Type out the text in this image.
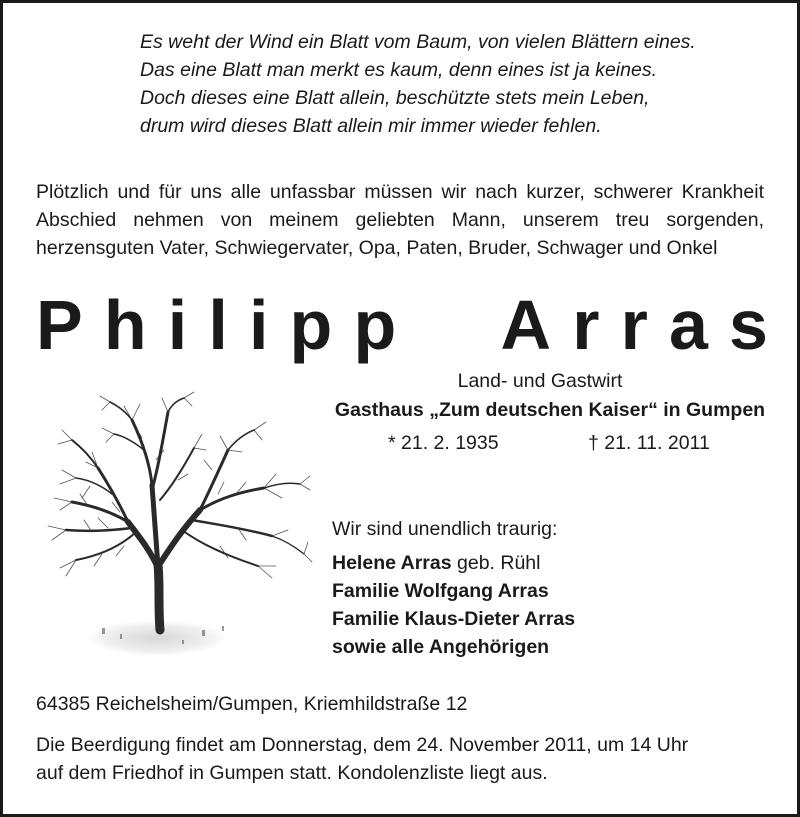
Es weht der Wind ein Blatt vom Baum, von vielen Blättern eines.
Das eine Blatt man merkt es kaum, denn eines ist ja keines.
Doch dieses eine Blatt allein, beschützte stets mein Leben,
drum wird dieses Blatt allein mir immer wieder fehlen.
Plötzlich und für uns alle unfassbar müssen wir nach kurzer, schwerer Krankheit
Abschied nehmen von meinem geliebten Mann, unserem treu sorgenden,
herzensguten Vater, Schwiegervater, Opa, Paten, Bruder, Schwager und Onkel
P h i l i p p A r r a s
Land- und Gastwirt
Gasthaus „Zum deutschen Kaiser“ in Gumpen
* 21. 2. 1935	† 21. 11. 2011
Wir sind unendlich traurig:
Helene Arras geb. Rühl
Familie Wolfgang Arras
Familie Klaus-Dieter Arras
sowie alle Angehörigen
64385 Reichelsheim/Gumpen, Kriemhildstraße 12
Die Beerdigung findet am Donnerstag, dem 24. November 2011, um 14 Uhr
auf dem Friedhof in Gumpen statt. Kondolenzliste liegt aus.
